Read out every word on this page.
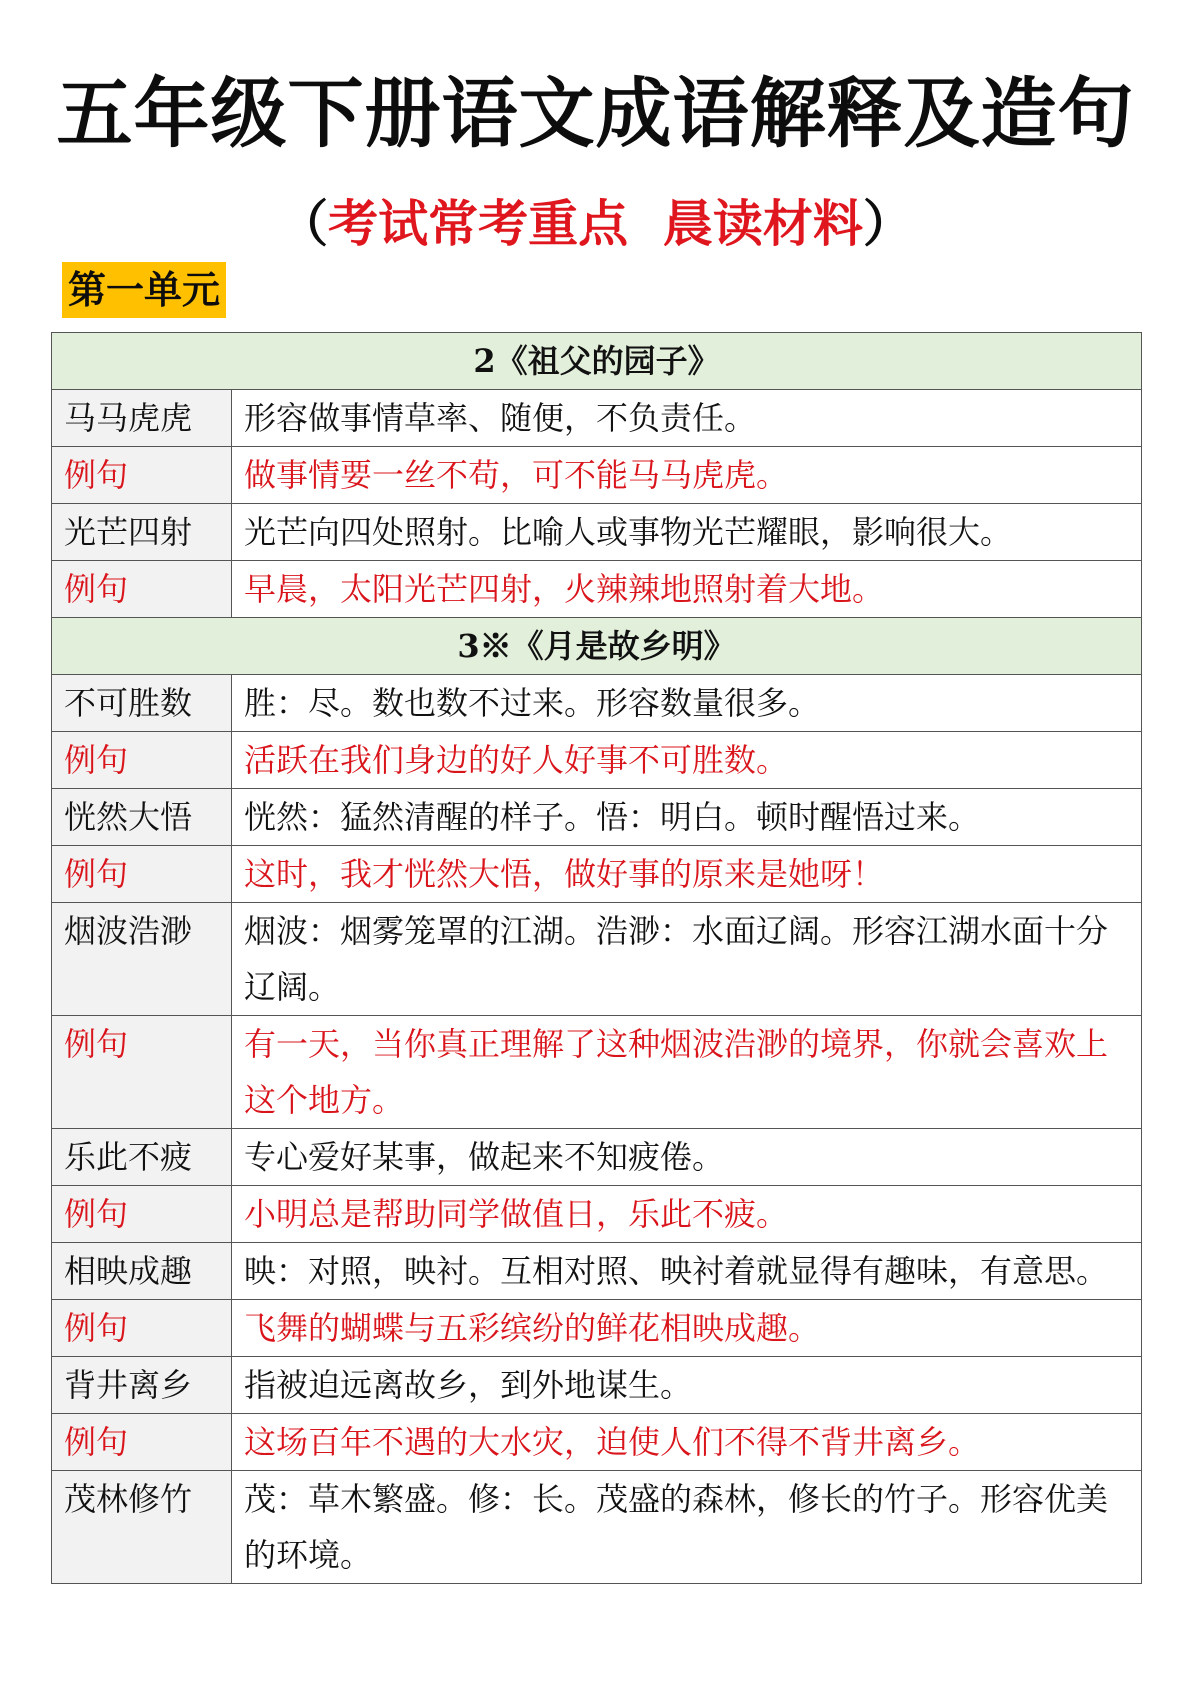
五年级下册语文成语解释及造句
（考试常考重点  晨读材料）
第一单元
2《祖父的园子》	
马马虎虎	形容做事情草率、随便，不负责任。
例句	做事情要一丝不苟，可不能马马虎虎。
光芒四射	光芒向四处照射。比喻人或事物光芒耀眼，影响很大。
例句	早晨，太阳光芒四射，火辣辣地照射着大地。
3※《月是故乡明》	
不可胜数	胜：尽。数也数不过来。形容数量很多。
例句	活跃在我们身边的好人好事不可胜数。
恍然大悟	恍然：猛然清醒的样子。悟：明白。顿时醒悟过来。
例句	这时，我才恍然大悟，做好事的原来是她呀！
烟波浩渺	烟波：烟雾笼罩的江湖。浩渺：水面辽阔。形容江湖水面十分辽阔。
例句	有一天，当你真正理解了这种烟波浩渺的境界，你就会喜欢上这个地方。
乐此不疲	专心爱好某事，做起来不知疲倦。
例句	小明总是帮助同学做值日，乐此不疲。
相映成趣	映：对照，映衬。互相对照、映衬着就显得有趣味，有意思。
例句	飞舞的蝴蝶与五彩缤纷的鲜花相映成趣。
背井离乡	指被迫远离故乡，到外地谋生。
例句	这场百年不遇的大水灾，迫使人们不得不背井离乡。
茂林修竹	茂：草木繁盛。修：长。茂盛的森林，修长的竹子。形容优美的环境。
